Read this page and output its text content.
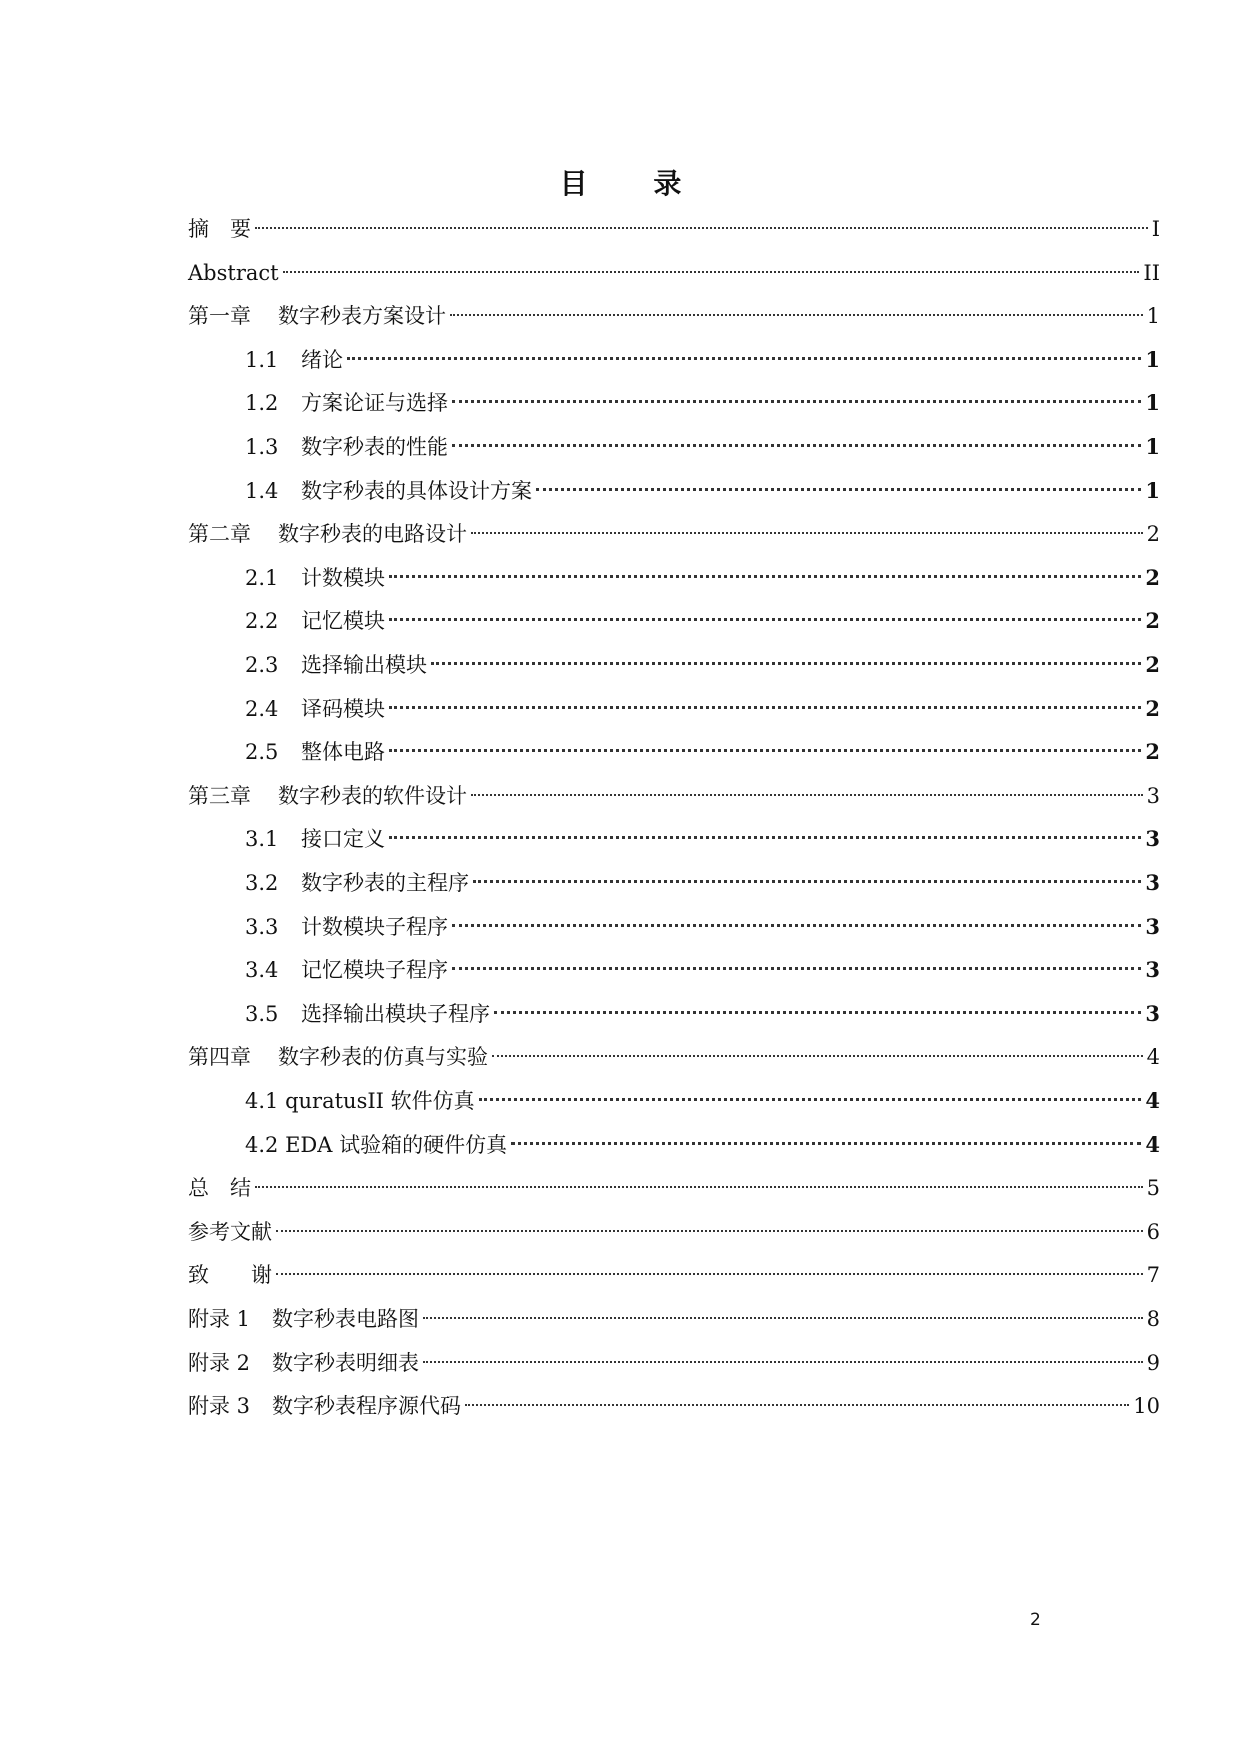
目 录
摘　要	I
Abstract	II
第一章	数字秒表方案设计	1
1.1	绪论	1
1.2	方案论证与选择	1
1.3	数字秒表的性能	1
1.4	数字秒表的具体设计方案	1
第二章	数字秒表的电路设计	2
2.1	计数模块	2
2.2	记忆模块	2
2.3	选择输出模块	2
2.4	译码模块	2
2.5	整体电路	2
第三章	数字秒表的软件设计	3
3.1	接口定义	3
3.2	数字秒表的主程序	3
3.3	计数模块子程序	3
3.4	记忆模块子程序	3
3.5	选择输出模块子程序	3
第四章	数字秒表的仿真与实验	4
4.1 quratusII 软件仿真	4
4.2 EDA 试验箱的硬件仿真	4
总　结	5
参考文献	6
致　　谢	7
附录 1	数字秒表电路图	8
附录 2	数字秒表明细表	9
附录 3	数字秒表程序源代码	10
2
